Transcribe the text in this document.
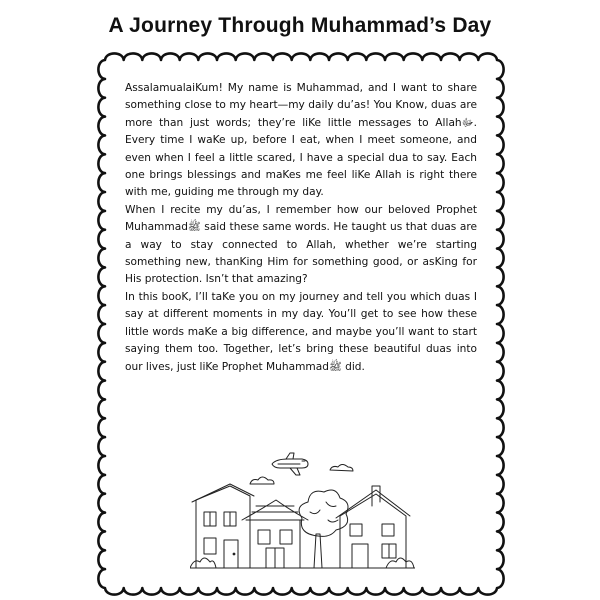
A Journey Through Muhammad’s Day

AssalamualaiKum! My name is Muhammad, and I want to share something close to my heart—my daily du’as! You Know, duas are more than just words; they’re liKe little messages to Allahﷻ. Every time I waKe up, before I eat, when I meet someone, and even when I feel a little scared, I have a special dua to say. Each one brings blessings and maKes me feel liKe Allah is right there with me, guiding me through my day.

When I recite my du’as, I remember how our beloved Prophet Muhammadﷺ said these same words. He taught us that duas are a way to stay connected to Allah, whether we’re starting something new, thanKing Him for something good, or asKing for His protection. Isn’t that amazing?

In this booK, I’ll taKe you on my journey and tell you which duas I say at different moments in my day. You’ll get to see how these little words maKe a big difference, and maybe you’ll want to start saying them too. Together, let’s bring these beautiful duas into our lives, just liKe Prophet Muhammadﷺ did.
